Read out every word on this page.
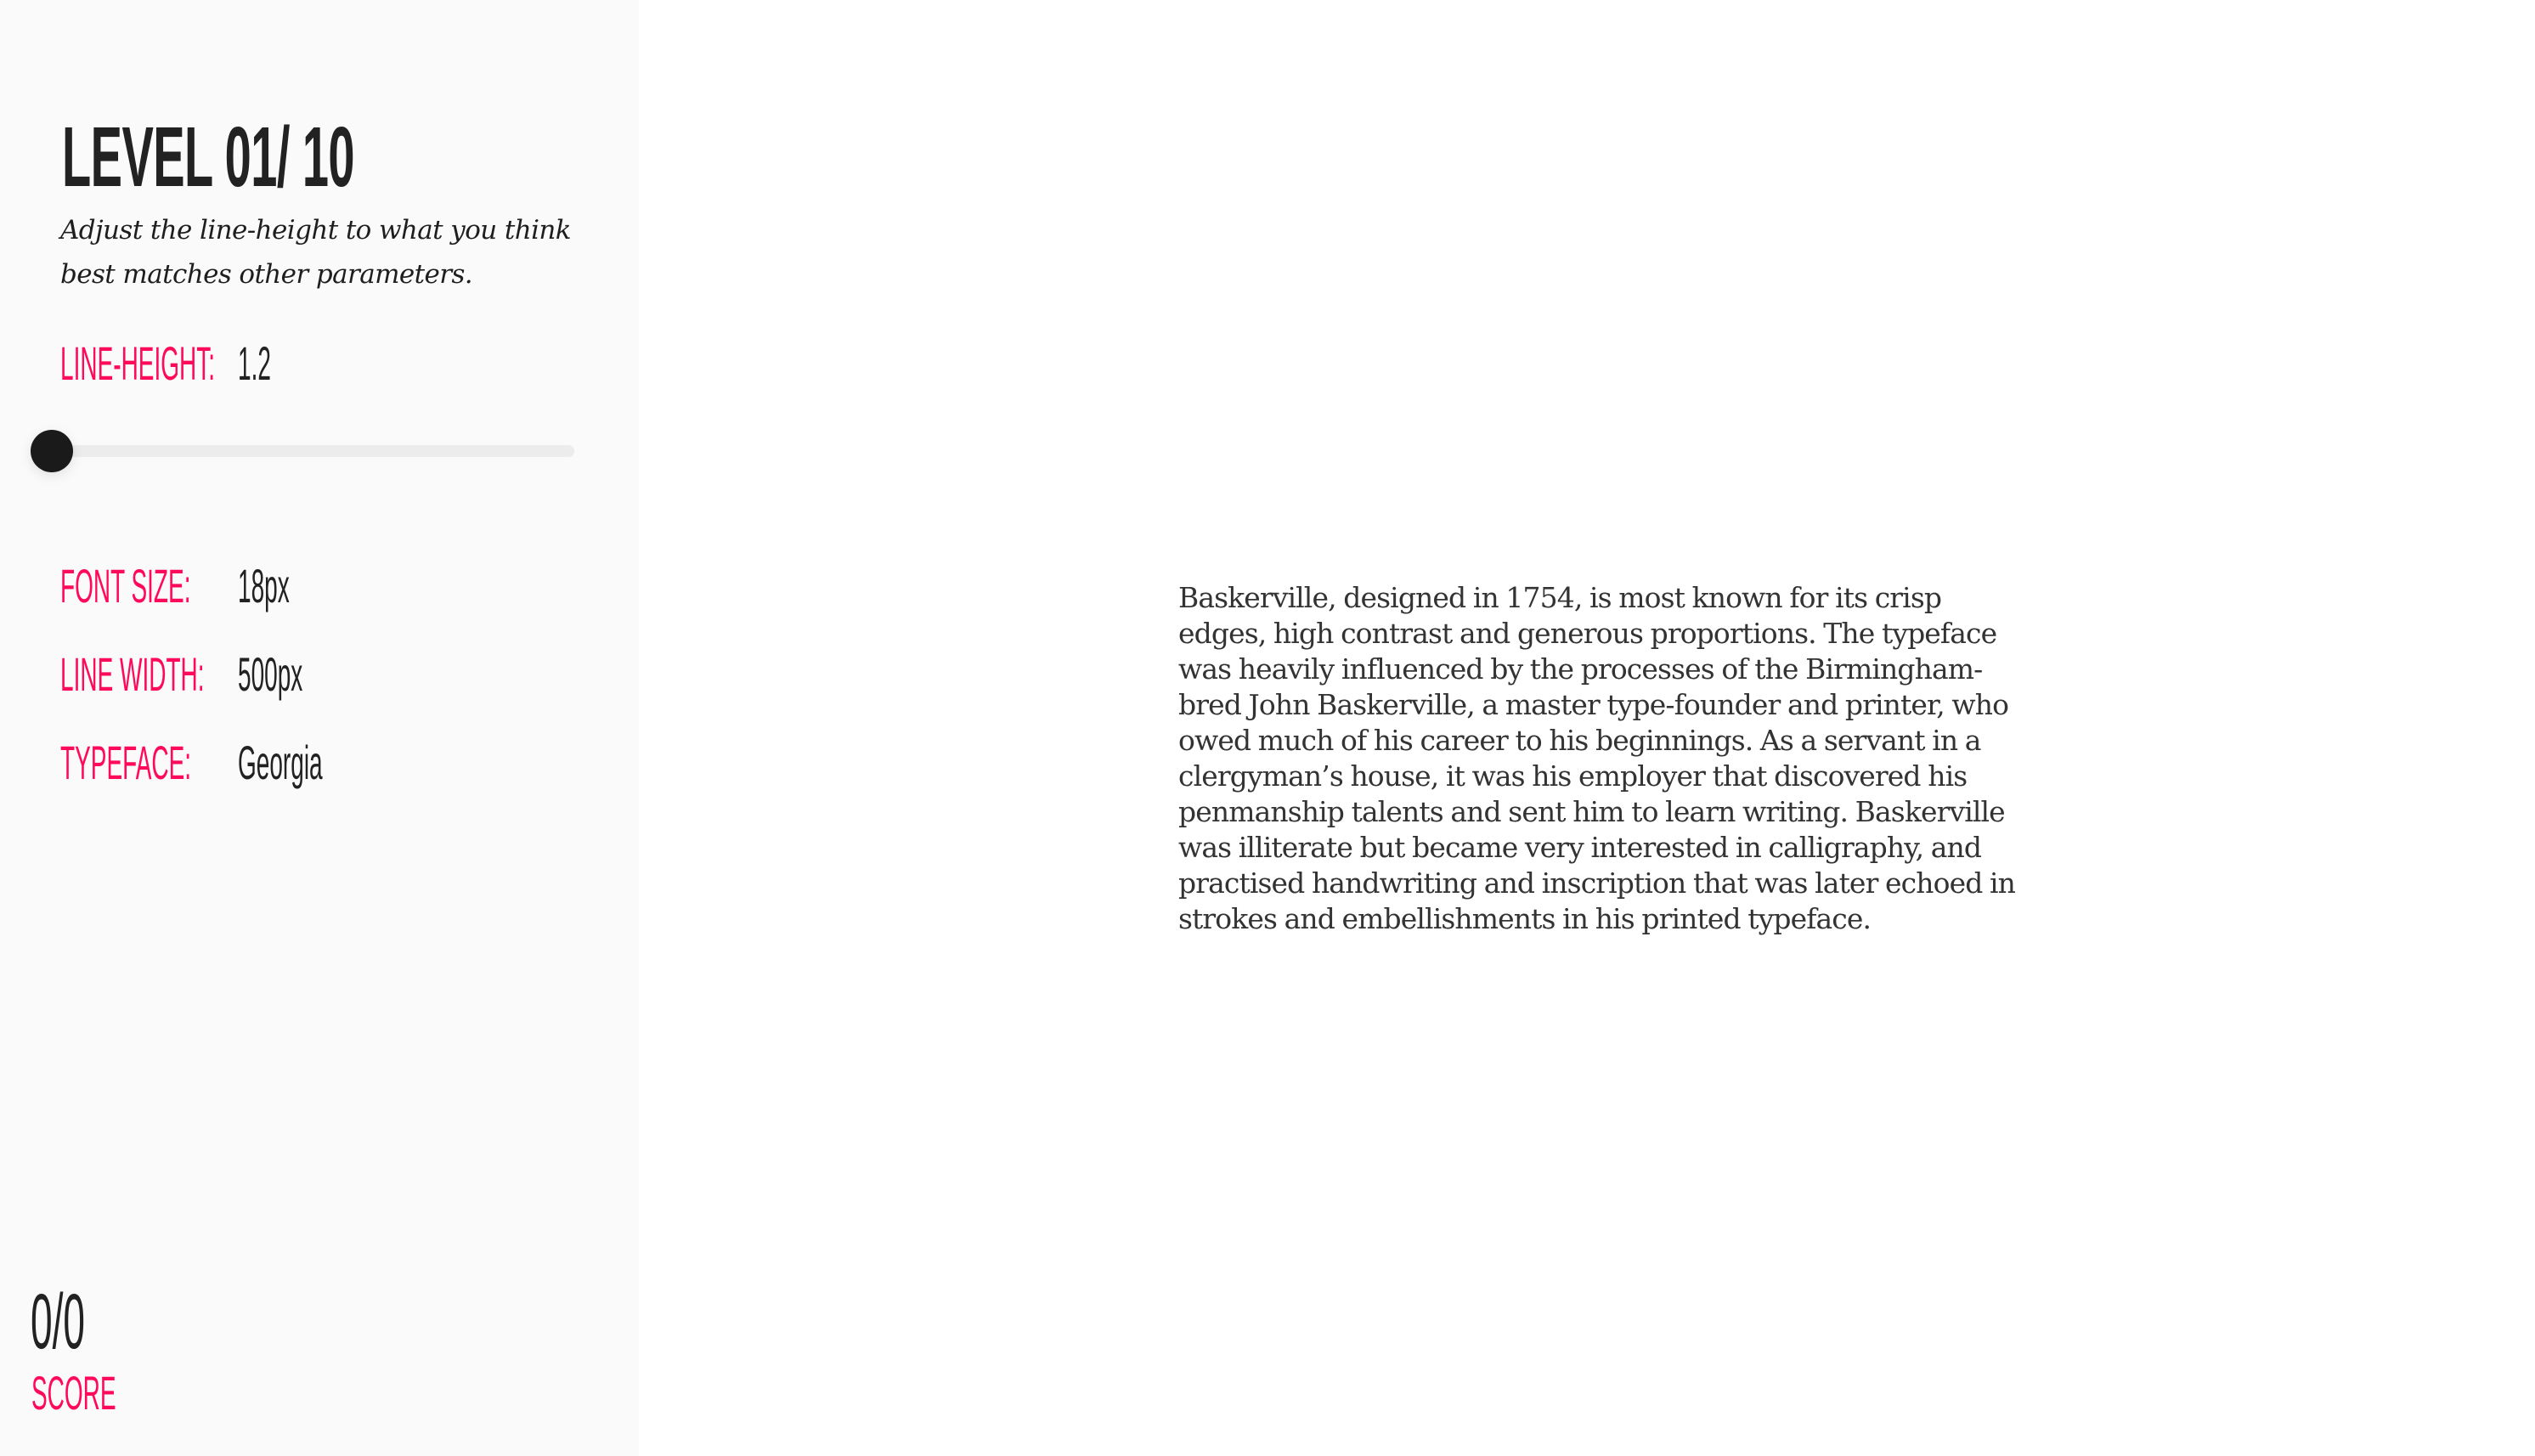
LEVEL 01/ 10

Adjust the line-height to what you think best matches other parameters.

LINE-HEIGHT: 1.2
FONT SIZE: 18px
LINE WIDTH: 500px
TYPEFACE: Georgia
0/0
SCORE

Baskerville, designed in 1754, is most known for its crisp edges, high contrast and generous proportions. The typeface was heavily influenced by the processes of the Birmingham-bred John Baskerville, a master type-founder and printer, who owed much of his career to his beginnings. As a servant in a clergyman’s house, it was his employer that discovered his penmanship talents and sent him to learn writing. Baskerville was illiterate but became very interested in calligraphy, and practised handwriting and inscription that was later echoed in strokes and embellishments in his printed typeface.
